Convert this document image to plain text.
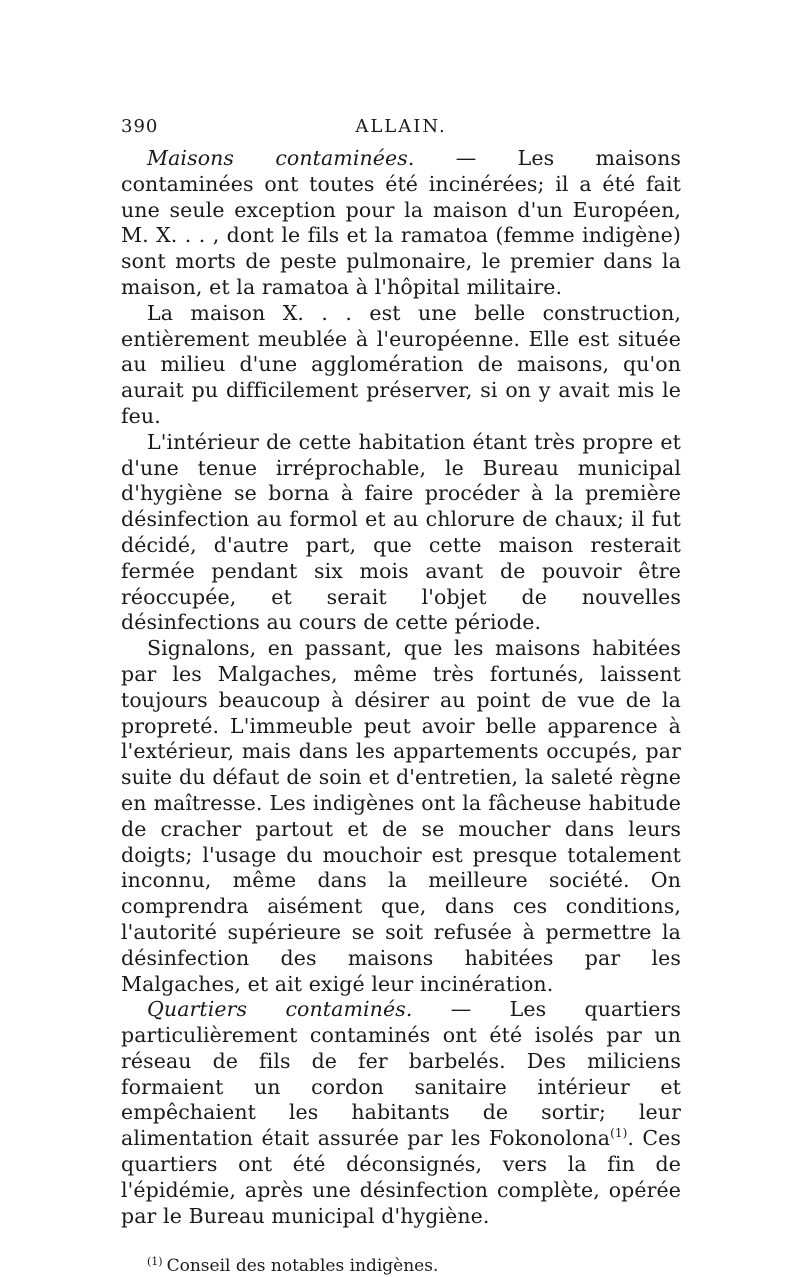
390	ALLAIN.

Maisons contaminées. — Les maisons contaminées ont toutes été incinérées; il a été fait une seule exception pour la maison d'un Européen, M. X. . . , dont le fils et la ramatoa (femme indigène) sont morts de peste pulmonaire, le premier dans la maison, et la ramatoa à l'hôpital militaire.

La maison X. . . est une belle construction, entièrement meublée à l'européenne. Elle est située au milieu d'une agglomération de maisons, qu'on aurait pu difficilement préserver, si on y avait mis le feu.

L'intérieur de cette habitation étant très propre et d'une tenue irréprochable, le Bureau municipal d'hygiène se borna à faire procéder à la première désinfection au formol et au chlorure de chaux; il fut décidé, d'autre part, que cette maison resterait fermée pendant six mois avant de pouvoir être réoccupée, et serait l'objet de nouvelles désinfections au cours de cette période.

Signalons, en passant, que les maisons habitées par les Malgaches, même très fortunés, laissent toujours beaucoup à désirer au point de vue de la propreté. L'immeuble peut avoir belle apparence à l'extérieur, mais dans les appartements occupés, par suite du défaut de soin et d'entretien, la saleté règne en maîtresse. Les indigènes ont la fâcheuse habitude de cracher partout et de se moucher dans leurs doigts; l'usage du mouchoir est presque totalement inconnu, même dans la meilleure société. On comprendra aisément que, dans ces conditions, l'autorité supérieure se soit refusée à permettre la désinfection des maisons habitées par les Malgaches, et ait exigé leur incinération.

Quartiers contaminés. — Les quartiers particulièrement contaminés ont été isolés par un réseau de fils de fer barbelés. Des miliciens formaient un cordon sanitaire intérieur et empêchaient les habitants de sortir; leur alimentation était assurée par les Fokonolona$^{(1)}$. Ces quartiers ont été déconsignés, vers la fin de l'épidémie, après une désinfection complète, opérée par le Bureau municipal d'hygiène.

$^{(1)}$ Conseil des notables indigènes.
